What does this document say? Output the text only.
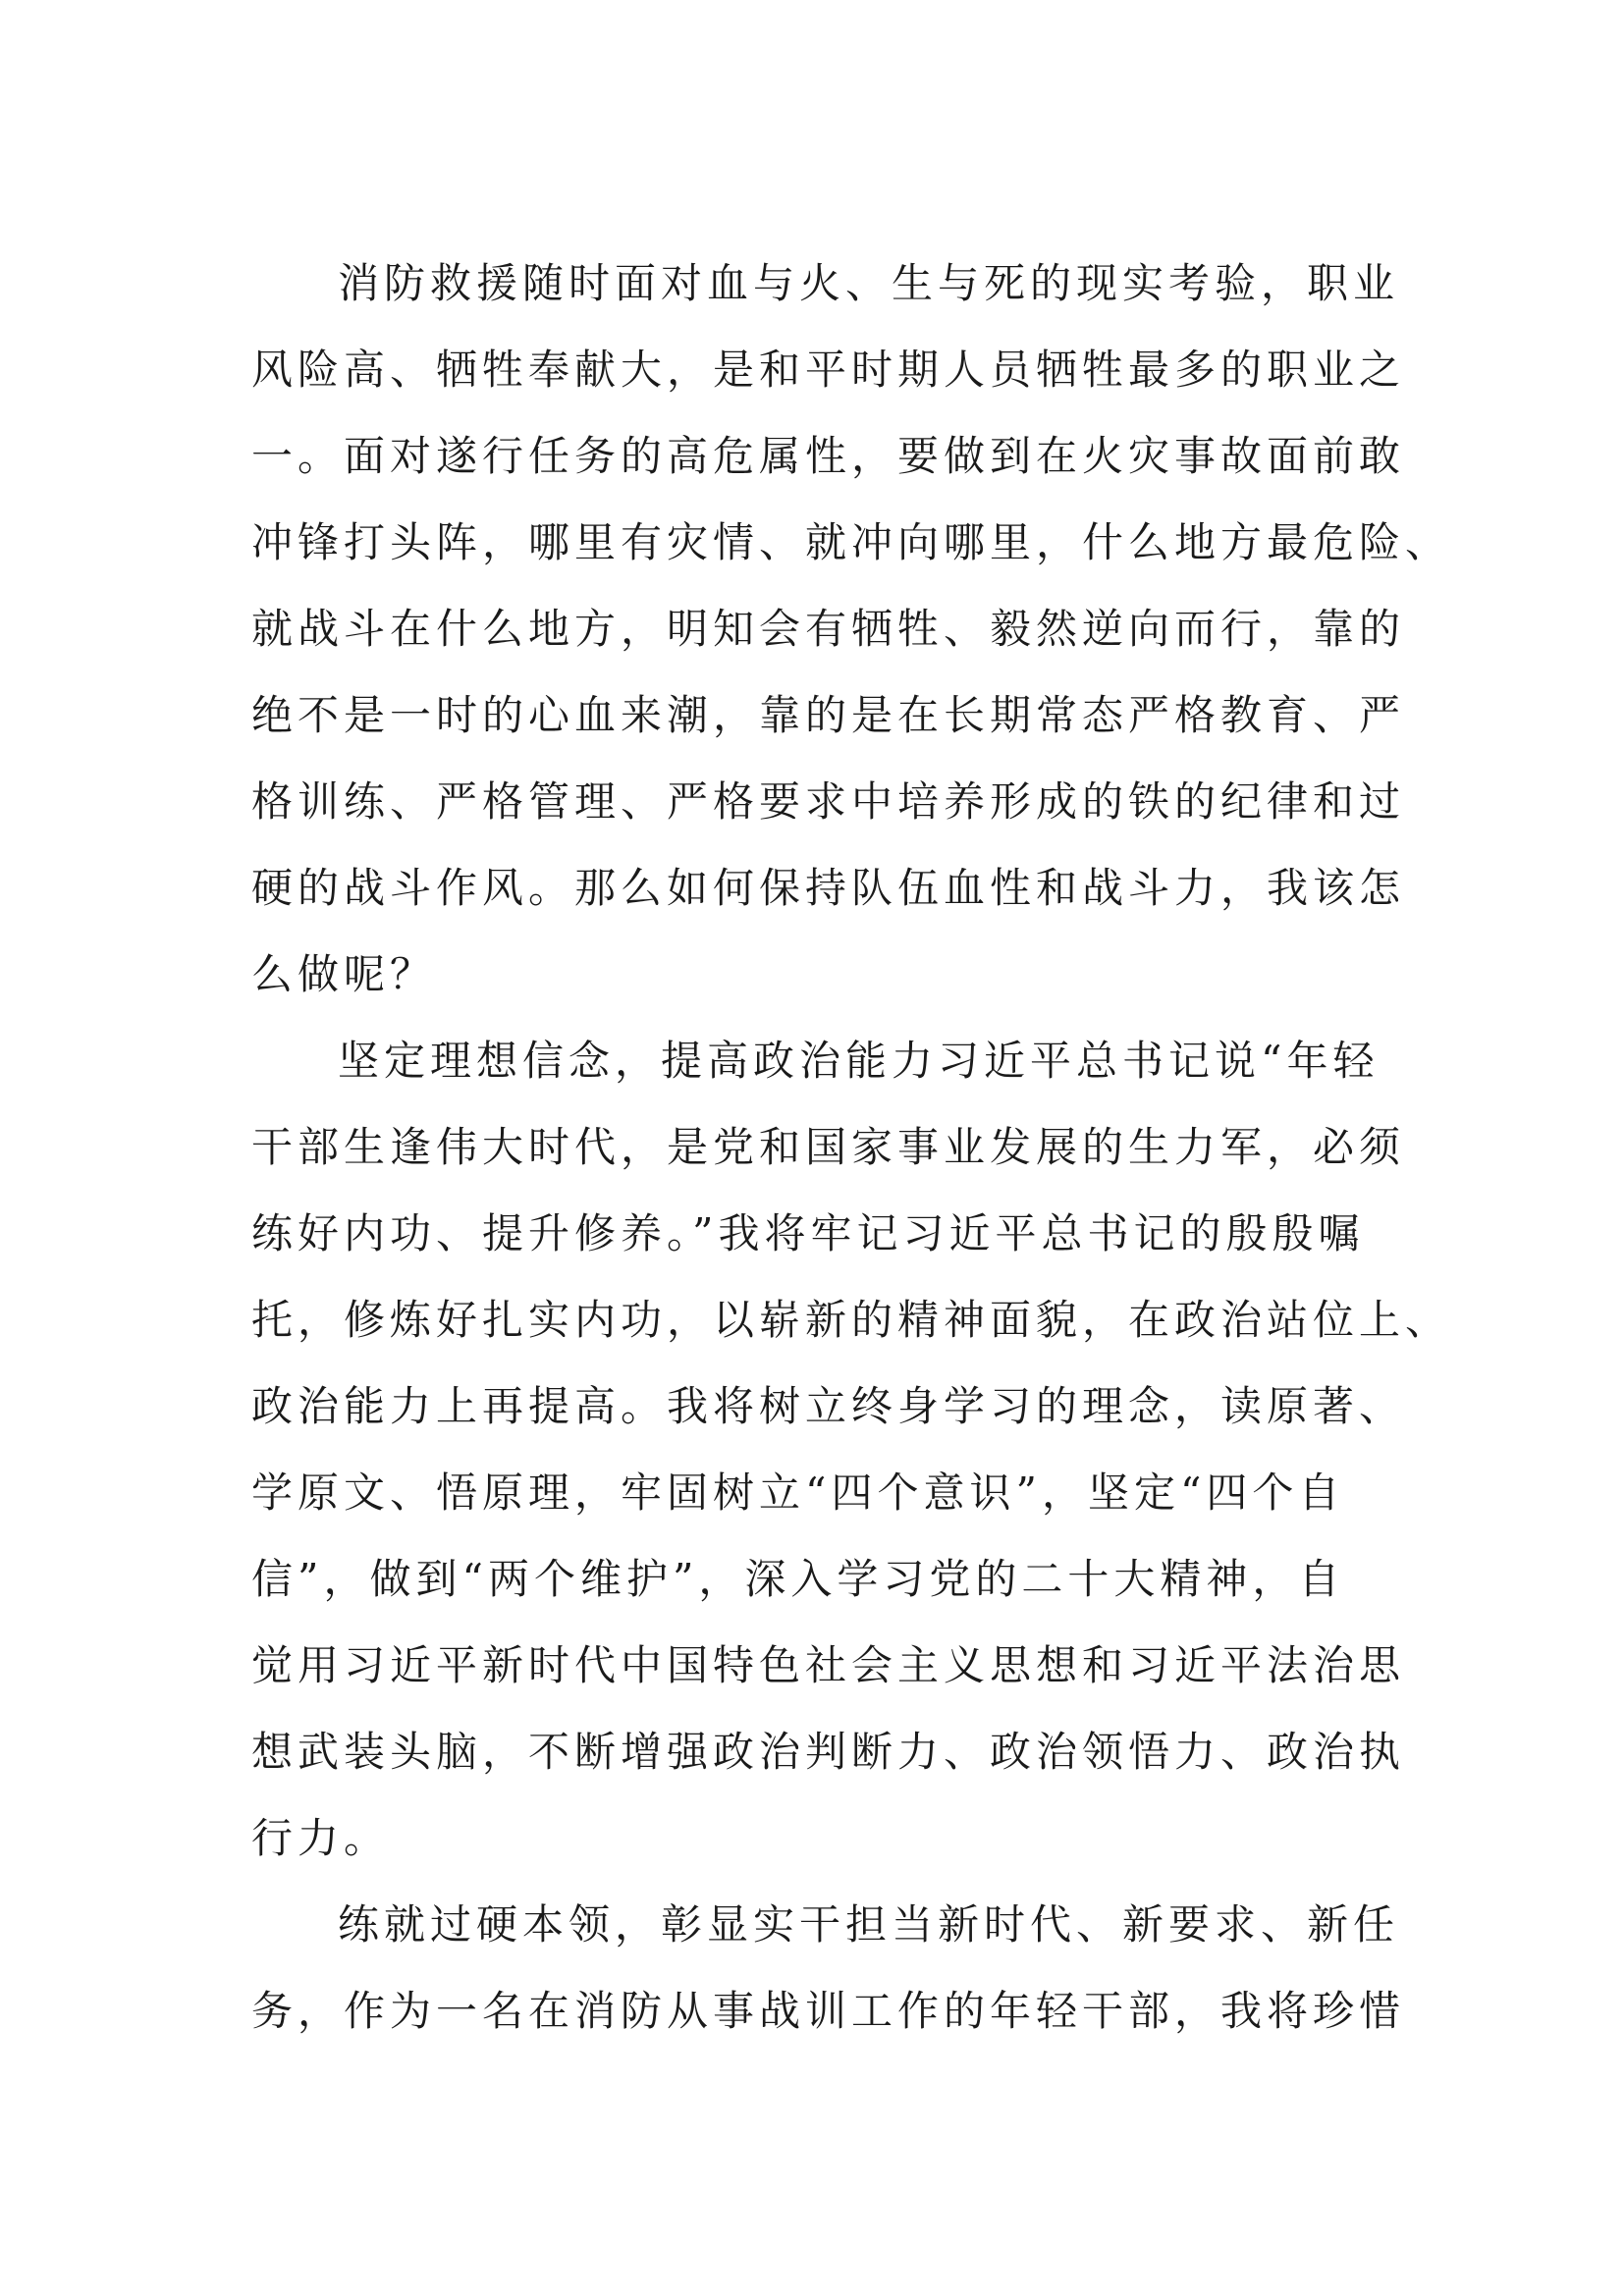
消防救援随时面对血与火、生与死的现实考验，职业
风险高、牺牲奉献大，是和平时期人员牺牲最多的职业之
一。面对遂行任务的高危属性，要做到在火灾事故面前敢
冲锋打头阵，哪里有灾情、就冲向哪里，什么地方最危险、
就战斗在什么地方，明知会有牺牲、毅然逆向而行，靠的
绝不是一时的心血来潮，靠的是在长期常态严格教育、严
格训练、严格管理、严格要求中培养形成的铁的纪律和过
硬的战斗作风。那么如何保持队伍血性和战斗力，我该怎
么做呢？
坚定理想信念，提高政治能力习近平总书记说“年轻
干部生逢伟大时代，是党和国家事业发展的生力军，必须
练好内功、提升修养。”我将牢记习近平总书记的殷殷嘱
托，修炼好扎实内功，以崭新的精神面貌，在政治站位上、
政治能力上再提高。我将树立终身学习的理念，读原著、
学原文、悟原理，牢固树立“四个意识”，坚定“四个自
信”，做到“两个维护”，深入学习党的二十大精神，自
觉用习近平新时代中国特色社会主义思想和习近平法治思
想武装头脑，不断增强政治判断力、政治领悟力、政治执
行力。
练就过硬本领，彰显实干担当新时代、新要求、新任
务，作为一名在消防从事战训工作的年轻干部，我将珍惜
